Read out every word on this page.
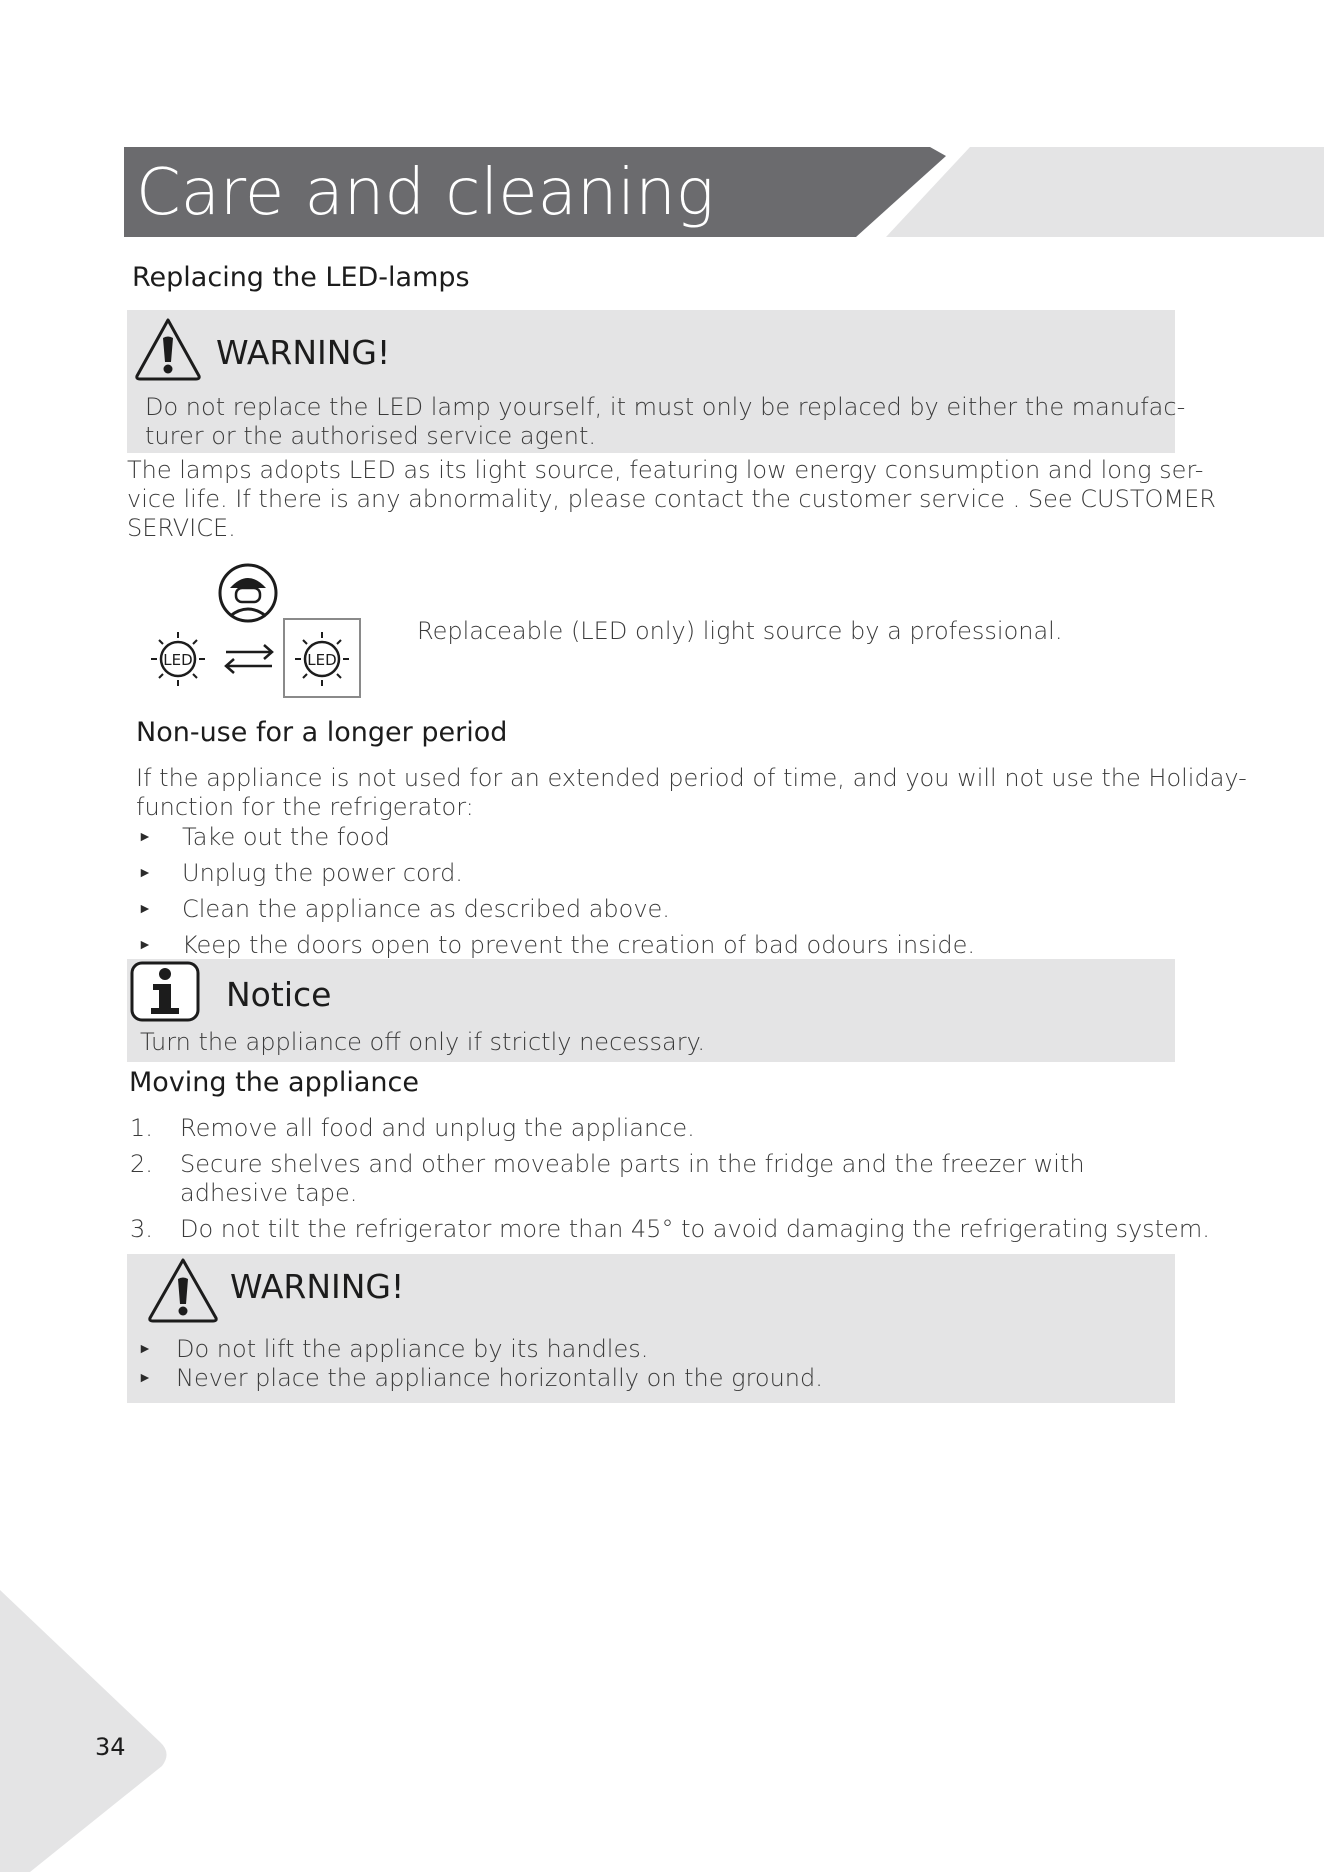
Care and cleaning
Replacing the LED-lamps
WARNING!
Do not replace the LED lamp yourself, it must only be replaced by either the manufac-
turer or the authorised service agent.
The lamps adopts LED as its light source, featuring low energy consumption and long ser-
vice life. If there is any abnormality, please contact the customer service . See CUSTOMER
SERVICE.
LED	LED
Replaceable (LED only) light source by a professional.
Non-use for a longer period
If the appliance is not used for an extended period of time, and you will not use the Holiday-
function for the refrigerator:
► Take out the food
► Unplug the power cord.
► Clean the appliance as described above.
► Keep the doors open to prevent the creation of bad odours inside.
Notice
Turn the appliance off only if strictly necessary.
Moving the appliance
1. Remove all food and unplug the appliance.
2. Secure shelves and other moveable parts in the fridge and the freezer with adhesive tape.
3. Do not tilt the refrigerator more than 45° to avoid damaging the refrigerating system.
WARNING!
► Do not lift the appliance by its handles.
► Never place the appliance horizontally on the ground.
34
